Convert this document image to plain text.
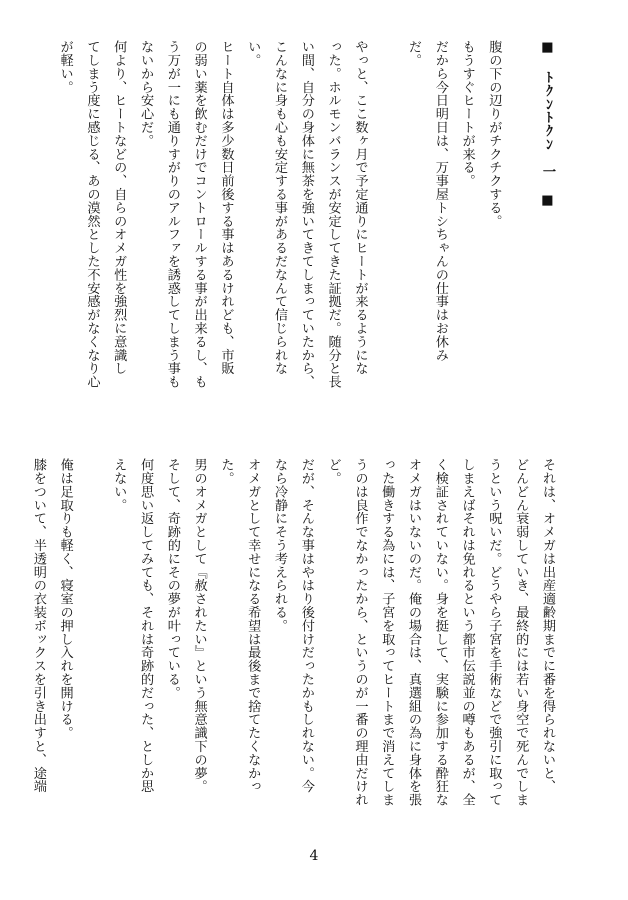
■ ﾄｸﾝﾄｸﾝ　一 ■
腹の下の辺りがチクチクする。
もうすぐヒートが来る。
だから今日明日は、万事屋トシちゃんの仕事はお休み
だ。
やっと、ここ数ヶ月で予定通りにヒートが来るようにな
った。ホルモンバランスが安定してきた証拠だ。随分と長
い間、自分の身体に無茶を強いてきてしまっていたから、
こんなに身も心も安定する事があるだなんて信じられな
い。
ヒート自体は多少数日前後する事はあるけれども、市販
の弱い薬を飲むだけでコントロールする事が出来るし、も
う万が一にも通りすがりのアルファを誘惑してしまう事も
ないから安心だ。
何より、ヒートなどの、自らのオメガ性を強烈に意識し
てしまう度に感じる、あの漠然とした不安感がなくなり心
が軽い。
それは、オメガは出産適齢期までに番を得られないと、
どんどん衰弱していき、最終的には若い身空で死んでしま
うという呪いだ。どうやら子宮を手術などで強引に取って
しまえばそれは免れるという都市伝説並の噂もあるが、全
く検証されていない。身を挺して、実験に参加する酔狂な
オメガはいないのだ。俺の場合は、真選組の為に身体を張
った働きする為には、子宮を取ってヒートまで消えてしま
うのは良作でなかったから、というのが一番の理由だけれ
ど。
だが、そんな事はやはり後付けだったかもしれない。今
なら冷静にそう考えられる。
オメガとして幸せになる希望は最後まで捨てたくなかっ
た。
男のオメガとして『赦されたい』という無意識下の夢。
そして、奇跡的にその夢が叶っている。
何度思い返してみても、それは奇跡的だった、としか思
えない。
俺は足取りも軽く、寝室の押し入れを開ける。
膝をついて、半透明の衣装ボックスを引き出すと、途端
4
